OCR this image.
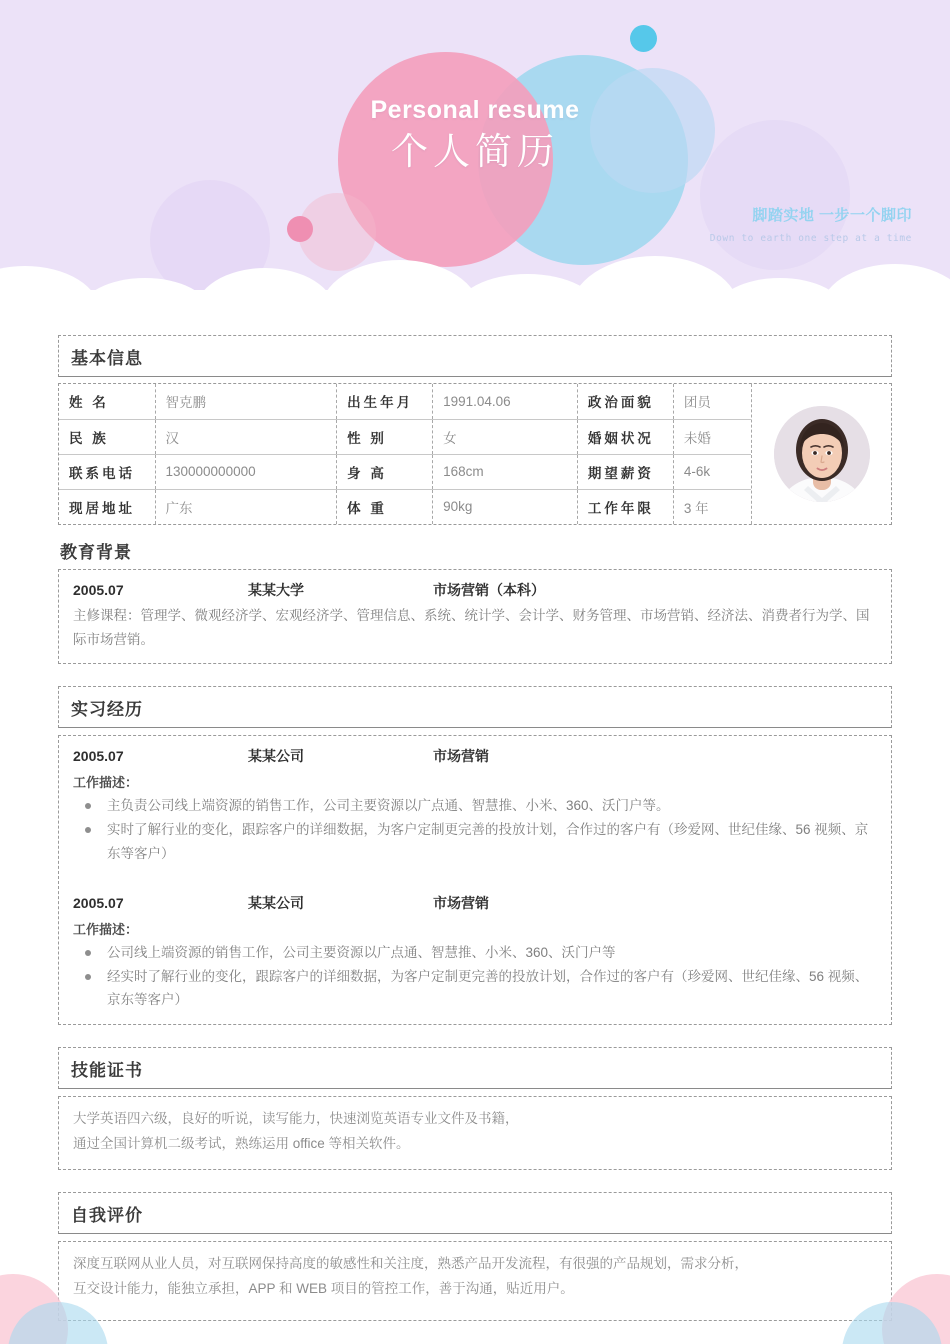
Personal resume
个人简历
脚踏实地 一步一个脚印
Down to earth one step at a time
基本信息
姓 名	智克鹏	出生年月	1991.04.06	政治面貌	团员
民 族	汉	性 别	女	婚姻状况	未婚
联系电话	130000000000	身 高	168cm	期望薪资	4-6k
现居地址	广东	体 重	90kg	工作年限	3 年
教育背景
2005.07	某某大学	市场营销（本科）
主修课程：管理学、微观经济学、宏观经济学、管理信息、系统、统计学、会计学、财务管理、市场营销、经济法、消费者行为学、国际市场营销。
实习经历
2005.07	某某公司	市场营销
工作描述：
主负责公司线上端资源的销售工作，公司主要资源以广点通、智慧推、小米、360、沃门户等。
实时了解行业的变化，跟踪客户的详细数据，为客户定制更完善的投放计划，合作过的客户有（珍爱网、世纪佳缘、56 视频、京东等客户）
2005.07	某某公司	市场营销
工作描述：
公司线上端资源的销售工作，公司主要资源以广点通、智慧推、小米、360、沃门户等
经实时了解行业的变化，跟踪客户的详细数据，为客户定制更完善的投放计划，合作过的客户有（珍爱网、世纪佳缘、56 视频、京东等客户）
技能证书
大学英语四六级，良好的听说，读写能力，快速浏览英语专业文件及书籍，
通过全国计算机二级考试，熟练运用 office 等相关软件。
自我评价
深度互联网从业人员，对互联网保持高度的敏感性和关注度，熟悉产品开发流程，有很强的产品规划，需求分析，
互交设计能力，能独立承担，APP 和 WEB 项目的管控工作，善于沟通，贴近用户。
